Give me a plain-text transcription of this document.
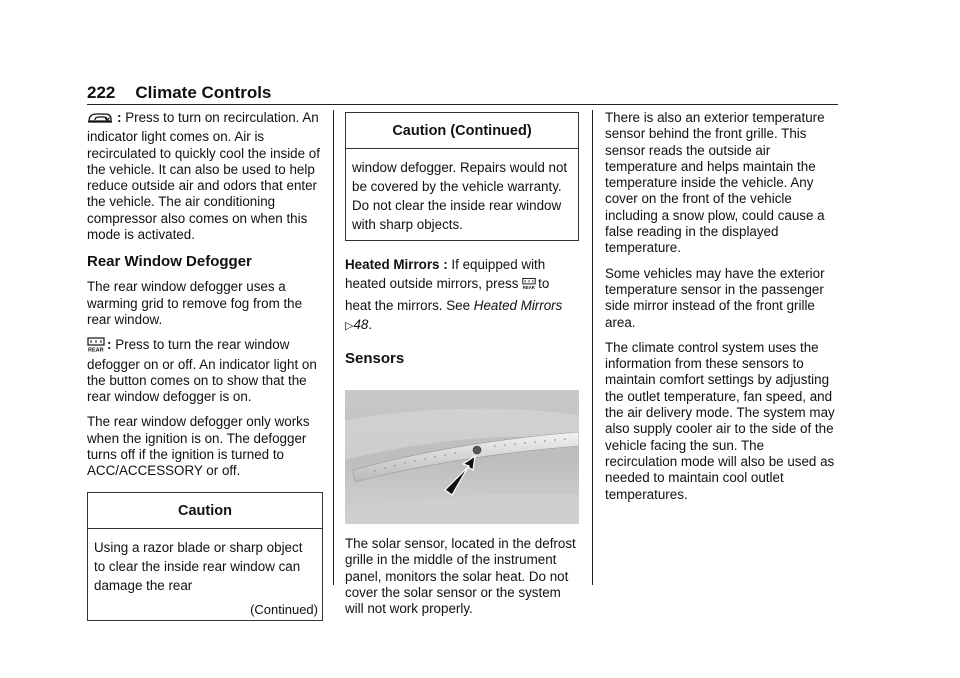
222 Climate Controls

: Press to turn on recirculation. An indicator light comes on. Air is recirculated to quickly cool the inside of the vehicle. It can also be used to help reduce outside air and odors that enter the vehicle. The air conditioning compressor also comes on when this mode is activated.

Rear Window Defogger

The rear window defogger uses a warming grid to remove fog from the rear window.

REAR : Press to turn the rear window defogger on or off. An indicator light on the button comes on to show that the rear window defogger is on.

The rear window defogger only works when the ignition is on. The defogger turns off if the ignition is turned to ACC/ACCESSORY or off.

Caution
Using a razor blade or sharp object to clear the inside rear window can damage the rear
(Continued)
Caution (Continued)
window defogger. Repairs would not be covered by the vehicle warranty. Do not clear the inside rear window with sharp objects.

Heated Mirrors : If equipped with heated outside mirrors, press REAR to heat the mirrors. See Heated Mirrors ▷48.

Sensors

The solar sensor, located in the defrost grille in the middle of the instrument panel, monitors the solar heat. Do not cover the solar sensor or the system will not work properly.

There is also an exterior temperature sensor behind the front grille. This sensor reads the outside air temperature and helps maintain the temperature inside the vehicle. Any cover on the front of the vehicle including a snow plow, could cause a false reading in the displayed temperature.

Some vehicles may have the exterior temperature sensor in the passenger side mirror instead of the front grille area.

The climate control system uses the information from these sensors to maintain comfort settings by adjusting the outlet temperature, fan speed, and the air delivery mode. The system may also supply cooler air to the side of the vehicle facing the sun. The recirculation mode will also be used as needed to maintain cool outlet temperatures.
